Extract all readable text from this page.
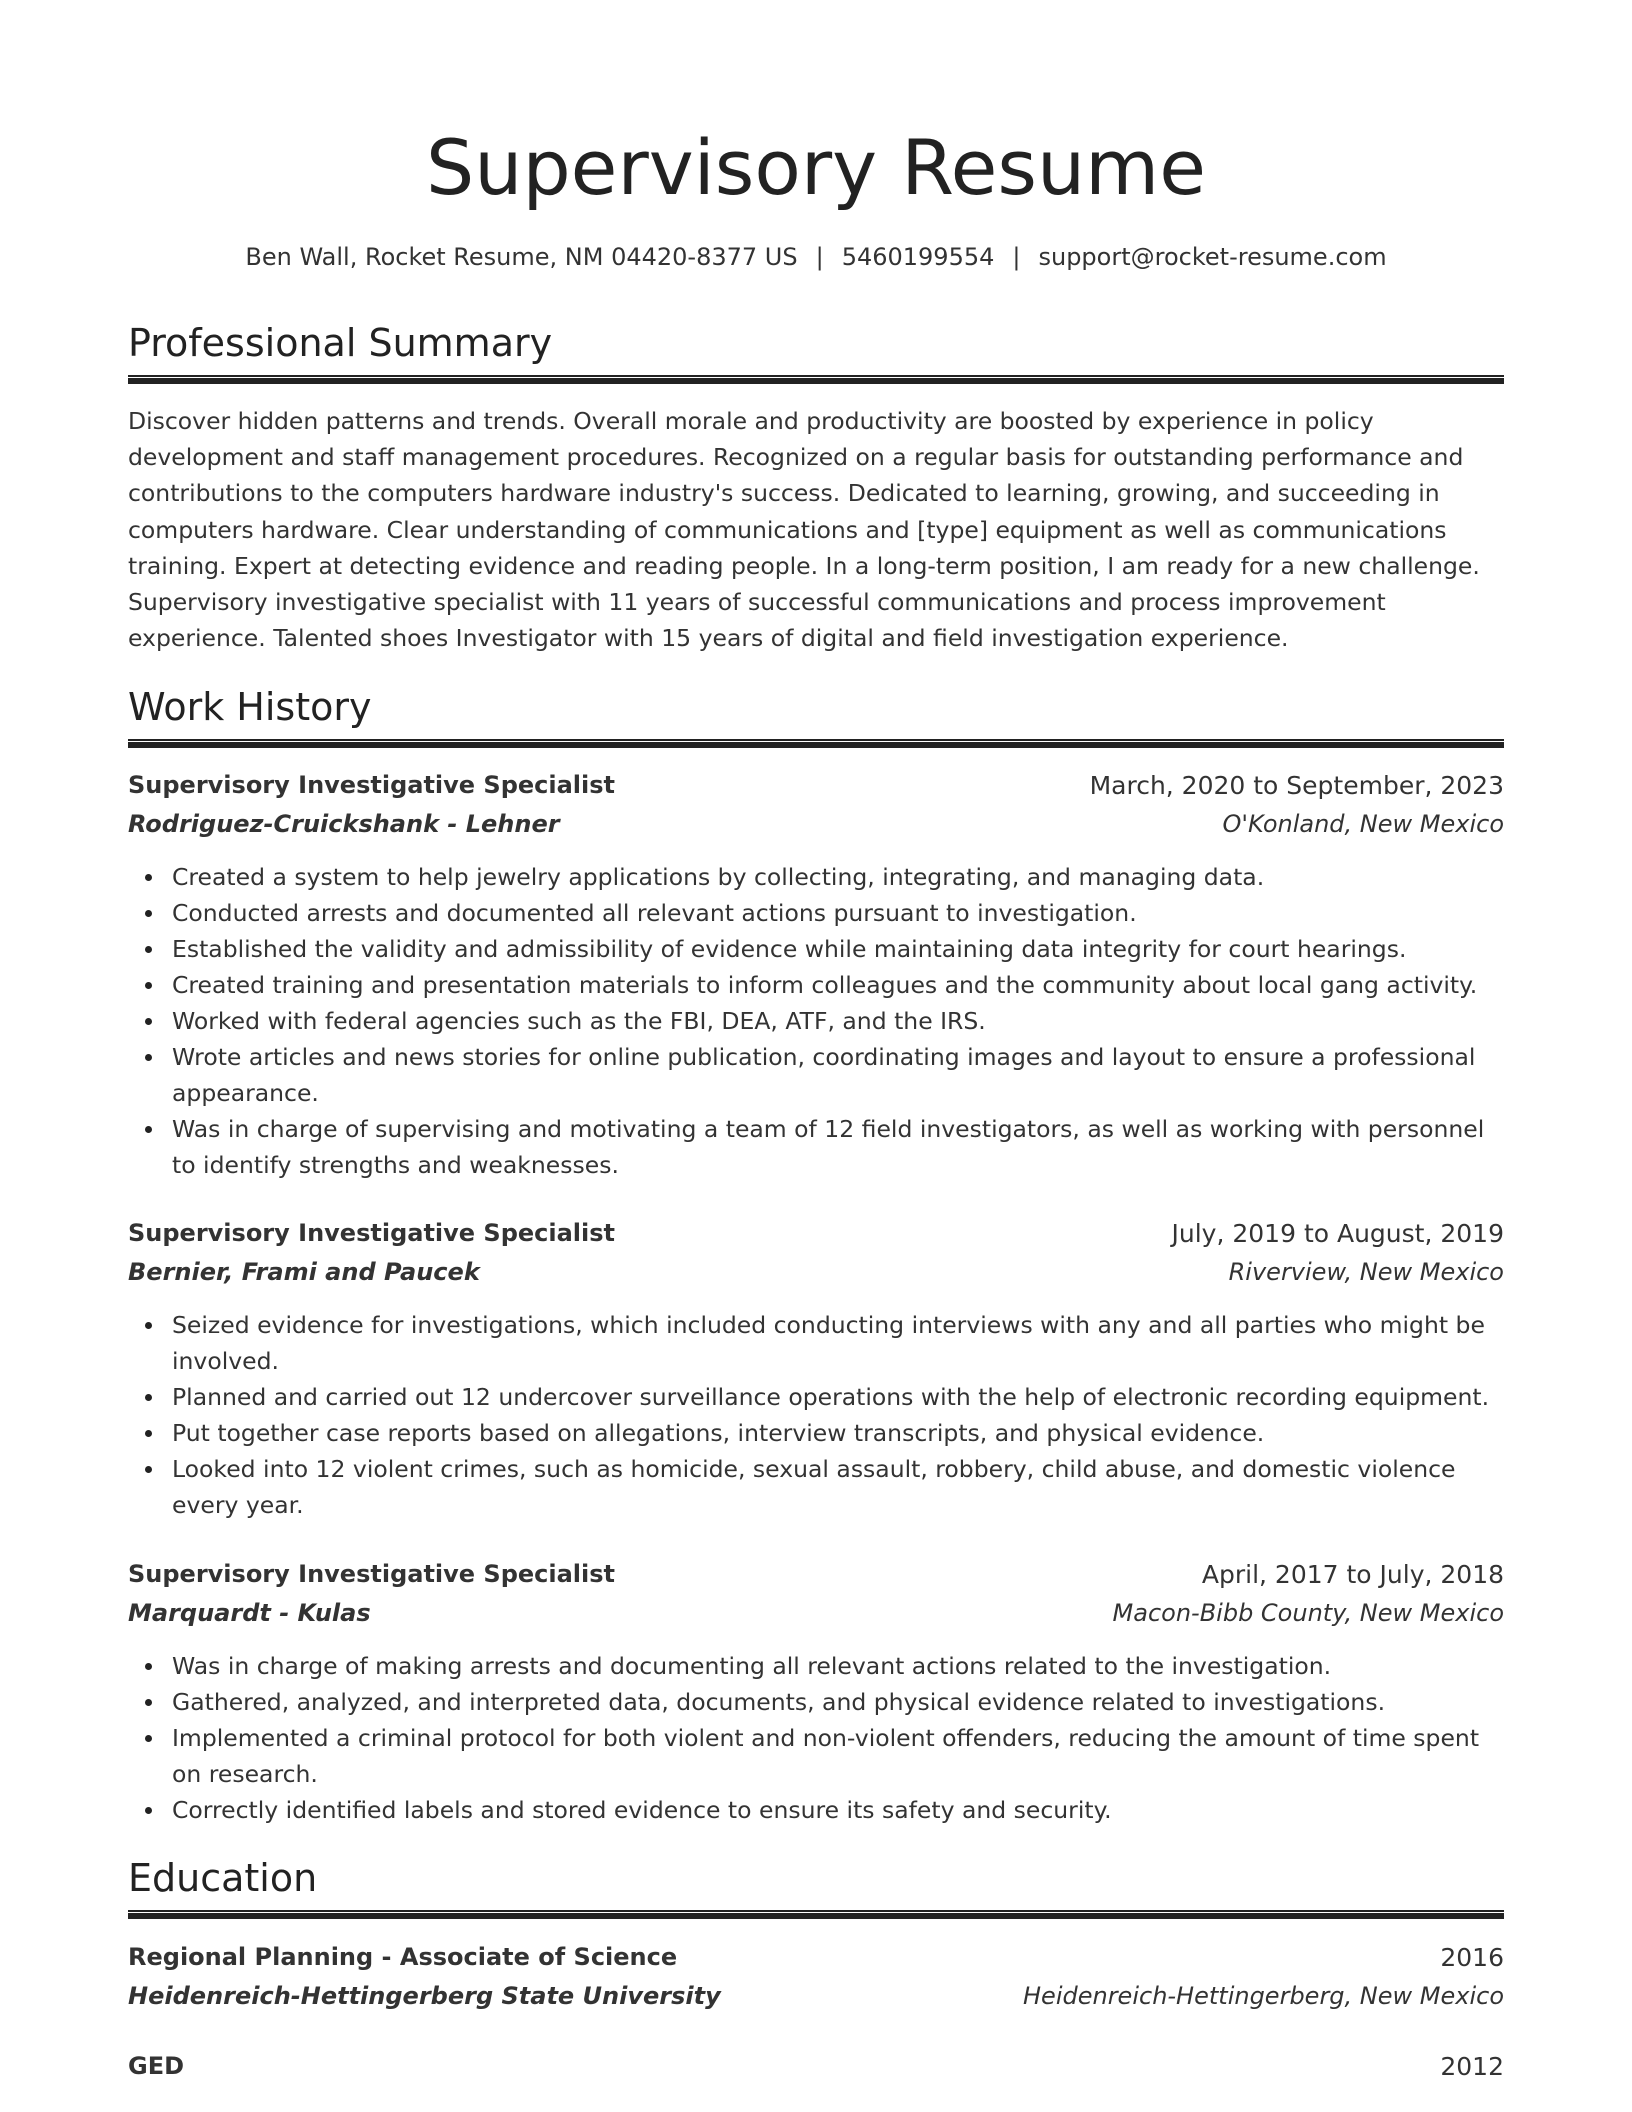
Supervisory Resume
Ben Wall, Rocket Resume, NM 04420-8377 US | 5460199554 | support@rocket-resume.com
Professional Summary
Discover hidden patterns and trends. Overall morale and productivity are boosted by experience in policy development and staff management procedures. Recognized on a regular basis for outstanding performance and contributions to the computers hardware industry's success. Dedicated to learning, growing, and succeeding in computers hardware. Clear understanding of communications and [type] equipment as well as communications training. Expert at detecting evidence and reading people. In a long-term position, I am ready for a new challenge. Supervisory investigative specialist with 11 years of successful communications and process improvement experience. Talented shoes Investigator with 15 years of digital and field investigation experience.
Work History
Supervisory Investigative Specialist	March, 2020 to September, 2023
Rodriguez-Cruickshank - Lehner	O'Konland, New Mexico
Created a system to help jewelry applications by collecting, integrating, and managing data.
Conducted arrests and documented all relevant actions pursuant to investigation.
Established the validity and admissibility of evidence while maintaining data integrity for court hearings.
Created training and presentation materials to inform colleagues and the community about local gang activity.
Worked with federal agencies such as the FBI, DEA, ATF, and the IRS.
Wrote articles and news stories for online publication, coordinating images and layout to ensure a professional appearance.
Was in charge of supervising and motivating a team of 12 field investigators, as well as working with personnel to identify strengths and weaknesses.
Supervisory Investigative Specialist	July, 2019 to August, 2019
Bernier, Frami and Paucek	Riverview, New Mexico
Seized evidence for investigations, which included conducting interviews with any and all parties who might be involved.
Planned and carried out 12 undercover surveillance operations with the help of electronic recording equipment.
Put together case reports based on allegations, interview transcripts, and physical evidence.
Looked into 12 violent crimes, such as homicide, sexual assault, robbery, child abuse, and domestic violence every year.
Supervisory Investigative Specialist	April, 2017 to July, 2018
Marquardt - Kulas	Macon-Bibb County, New Mexico
Was in charge of making arrests and documenting all relevant actions related to the investigation.
Gathered, analyzed, and interpreted data, documents, and physical evidence related to investigations.
Implemented a criminal protocol for both violent and non-violent offenders, reducing the amount of time spent on research.
Correctly identified labels and stored evidence to ensure its safety and security.
Education
Regional Planning - Associate of Science	2016
Heidenreich-Hettingerberg State University	Heidenreich-Hettingerberg, New Mexico
GED	2012
